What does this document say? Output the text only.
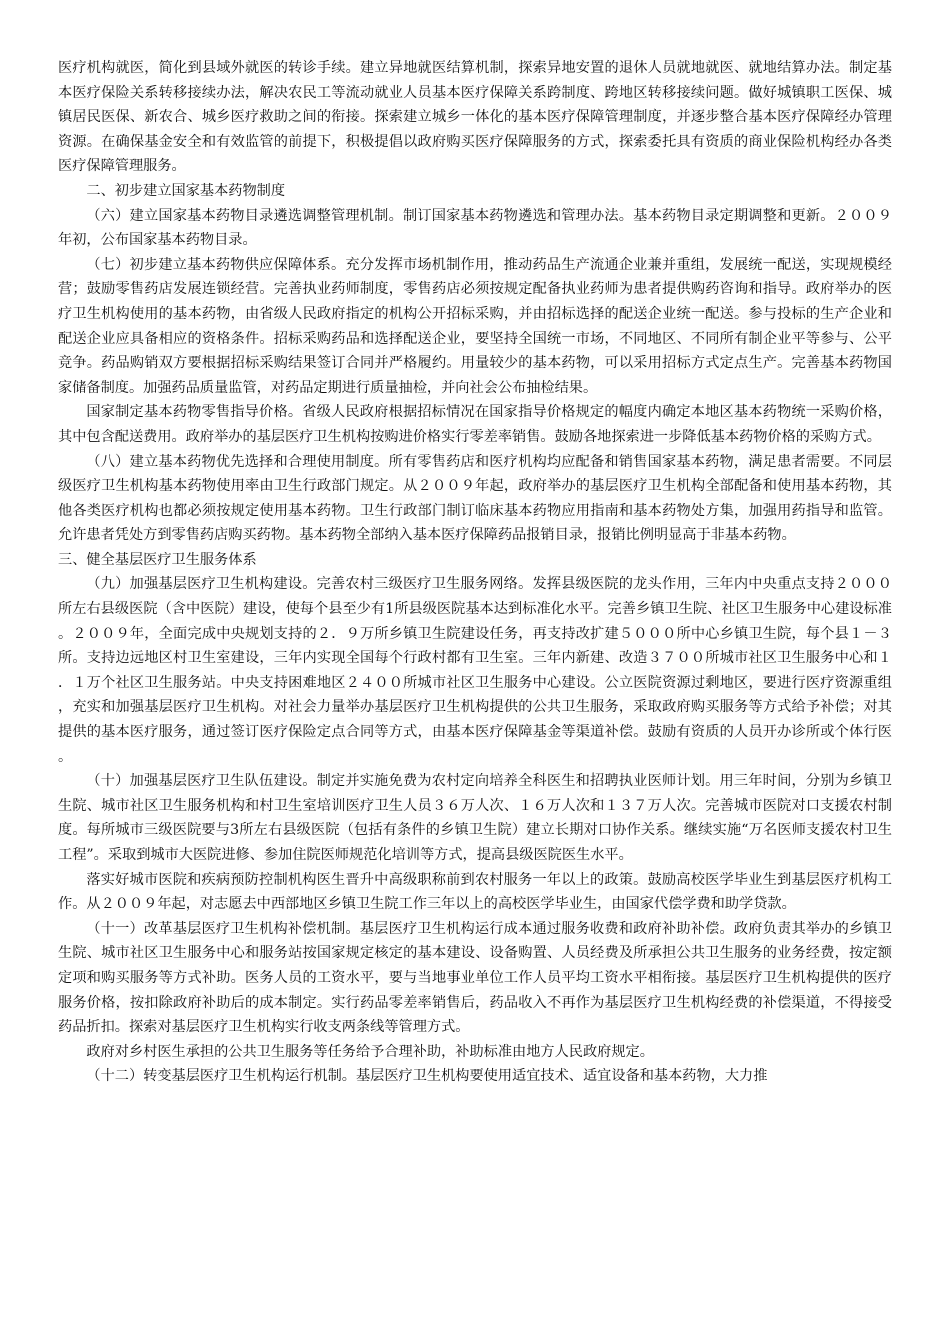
医疗机构就医，简化到县域外就医的转诊手续。建立异地就医结算机制，探索异地安置的退休人员就地就医、就地结算办法。制定基本医疗保险关系转移接续办法，解决农民工等流动就业人员基本医疗保障关系跨制度、跨地区转移接续问题。做好城镇职工医保、城镇居民医保、新农合、城乡医疗救助之间的衔接。探索建立城乡一体化的基本医疗保障管理制度，并逐步整合基本医疗保障经办管理资源。在确保基金安全和有效监管的前提下，积极提倡以政府购买医疗保障服务的方式，探索委托具有资质的商业保险机构经办各类医疗保障管理服务。

二、初步建立国家基本药物制度

（六）建立国家基本药物目录遴选调整管理机制。制订国家基本药物遴选和管理办法。基本药物目录定期调整和更新。２００９年初，公布国家基本药物目录。

（七）初步建立基本药物供应保障体系。充分发挥市场机制作用，推动药品生产流通企业兼并重组，发展统一配送，实现规模经营；鼓励零售药店发展连锁经营。完善执业药师制度，零售药店必须按规定配备执业药师为患者提供购药咨询和指导。政府举办的医疗卫生机构使用的基本药物，由省级人民政府指定的机构公开招标采购，并由招标选择的配送企业统一配送。参与投标的生产企业和配送企业应具备相应的资格条件。招标采购药品和选择配送企业，要坚持全国统一市场，不同地区、不同所有制企业平等参与、公平竞争。药品购销双方要根据招标采购结果签订合同并严格履约。用量较少的基本药物，可以采用招标方式定点生产。完善基本药物国家储备制度。加强药品质量监管，对药品定期进行质量抽检，并向社会公布抽检结果。

国家制定基本药物零售指导价格。省级人民政府根据招标情况在国家指导价格规定的幅度内确定本地区基本药物统一采购价格，其中包含配送费用。政府举办的基层医疗卫生机构按购进价格实行零差率销售。鼓励各地探索进一步降低基本药物价格的采购方式。

（八）建立基本药物优先选择和合理使用制度。所有零售药店和医疗机构均应配备和销售国家基本药物，满足患者需要。不同层级医疗卫生机构基本药物使用率由卫生行政部门规定。从２００９年起，政府举办的基层医疗卫生机构全部配备和使用基本药物，其他各类医疗机构也都必须按规定使用基本药物。卫生行政部门制订临床基本药物应用指南和基本药物处方集，加强用药指导和监管。允许患者凭处方到零售药店购买药物。基本药物全部纳入基本医疗保障药品报销目录，报销比例明显高于非基本药物。

三、健全基层医疗卫生服务体系

（九）加强基层医疗卫生机构建设。完善农村三级医疗卫生服务网络。发挥县级医院的龙头作用，三年内中央重点支持２０００所左右县级医院（含中医院）建设，使每个县至少有1所县级医院基本达到标准化水平。完善乡镇卫生院、社区卫生服务中心建设标准。２００９年，全面完成中央规划支持的２．９万所乡镇卫生院建设任务，再支持改扩建５０００所中心乡镇卫生院，每个县１－３所。支持边远地区村卫生室建设，三年内实现全国每个行政村都有卫生室。三年内新建、改造３７００所城市社区卫生服务中心和１．１万个社区卫生服务站。中央支持困难地区２４００所城市社区卫生服务中心建设。公立医院资源过剩地区，要进行医疗资源重组，充实和加强基层医疗卫生机构。对社会力量举办基层医疗卫生机构提供的公共卫生服务，采取政府购买服务等方式给予补偿；对其提供的基本医疗服务，通过签订医疗保险定点合同等方式，由基本医疗保障基金等渠道补偿。鼓励有资质的人员开办诊所或个体行医。

（十）加强基层医疗卫生队伍建设。制定并实施免费为农村定向培养全科医生和招聘执业医师计划。用三年时间，分别为乡镇卫生院、城市社区卫生服务机构和村卫生室培训医疗卫生人员３６万人次、１６万人次和１３７万人次。完善城市医院对口支援农村制度。每所城市三级医院要与3所左右县级医院（包括有条件的乡镇卫生院）建立长期对口协作关系。继续实施“万名医师支援农村卫生工程”。采取到城市大医院进修、参加住院医师规范化培训等方式，提高县级医院医生水平。

落实好城市医院和疾病预防控制机构医生晋升中高级职称前到农村服务一年以上的政策。鼓励高校医学毕业生到基层医疗机构工作。从２００９年起，对志愿去中西部地区乡镇卫生院工作三年以上的高校医学毕业生，由国家代偿学费和助学贷款。

（十一）改革基层医疗卫生机构补偿机制。基层医疗卫生机构运行成本通过服务收费和政府补助补偿。政府负责其举办的乡镇卫生院、城市社区卫生服务中心和服务站按国家规定核定的基本建设、设备购置、人员经费及所承担公共卫生服务的业务经费，按定额定项和购买服务等方式补助。医务人员的工资水平，要与当地事业单位工作人员平均工资水平相衔接。基层医疗卫生机构提供的医疗服务价格，按扣除政府补助后的成本制定。实行药品零差率销售后，药品收入不再作为基层医疗卫生机构经费的补偿渠道，不得接受药品折扣。探索对基层医疗卫生机构实行收支两条线等管理方式。

政府对乡村医生承担的公共卫生服务等任务给予合理补助，补助标准由地方人民政府规定。

（十二）转变基层医疗卫生机构运行机制。基层医疗卫生机构要使用适宜技术、适宜设备和基本药物，大力推
